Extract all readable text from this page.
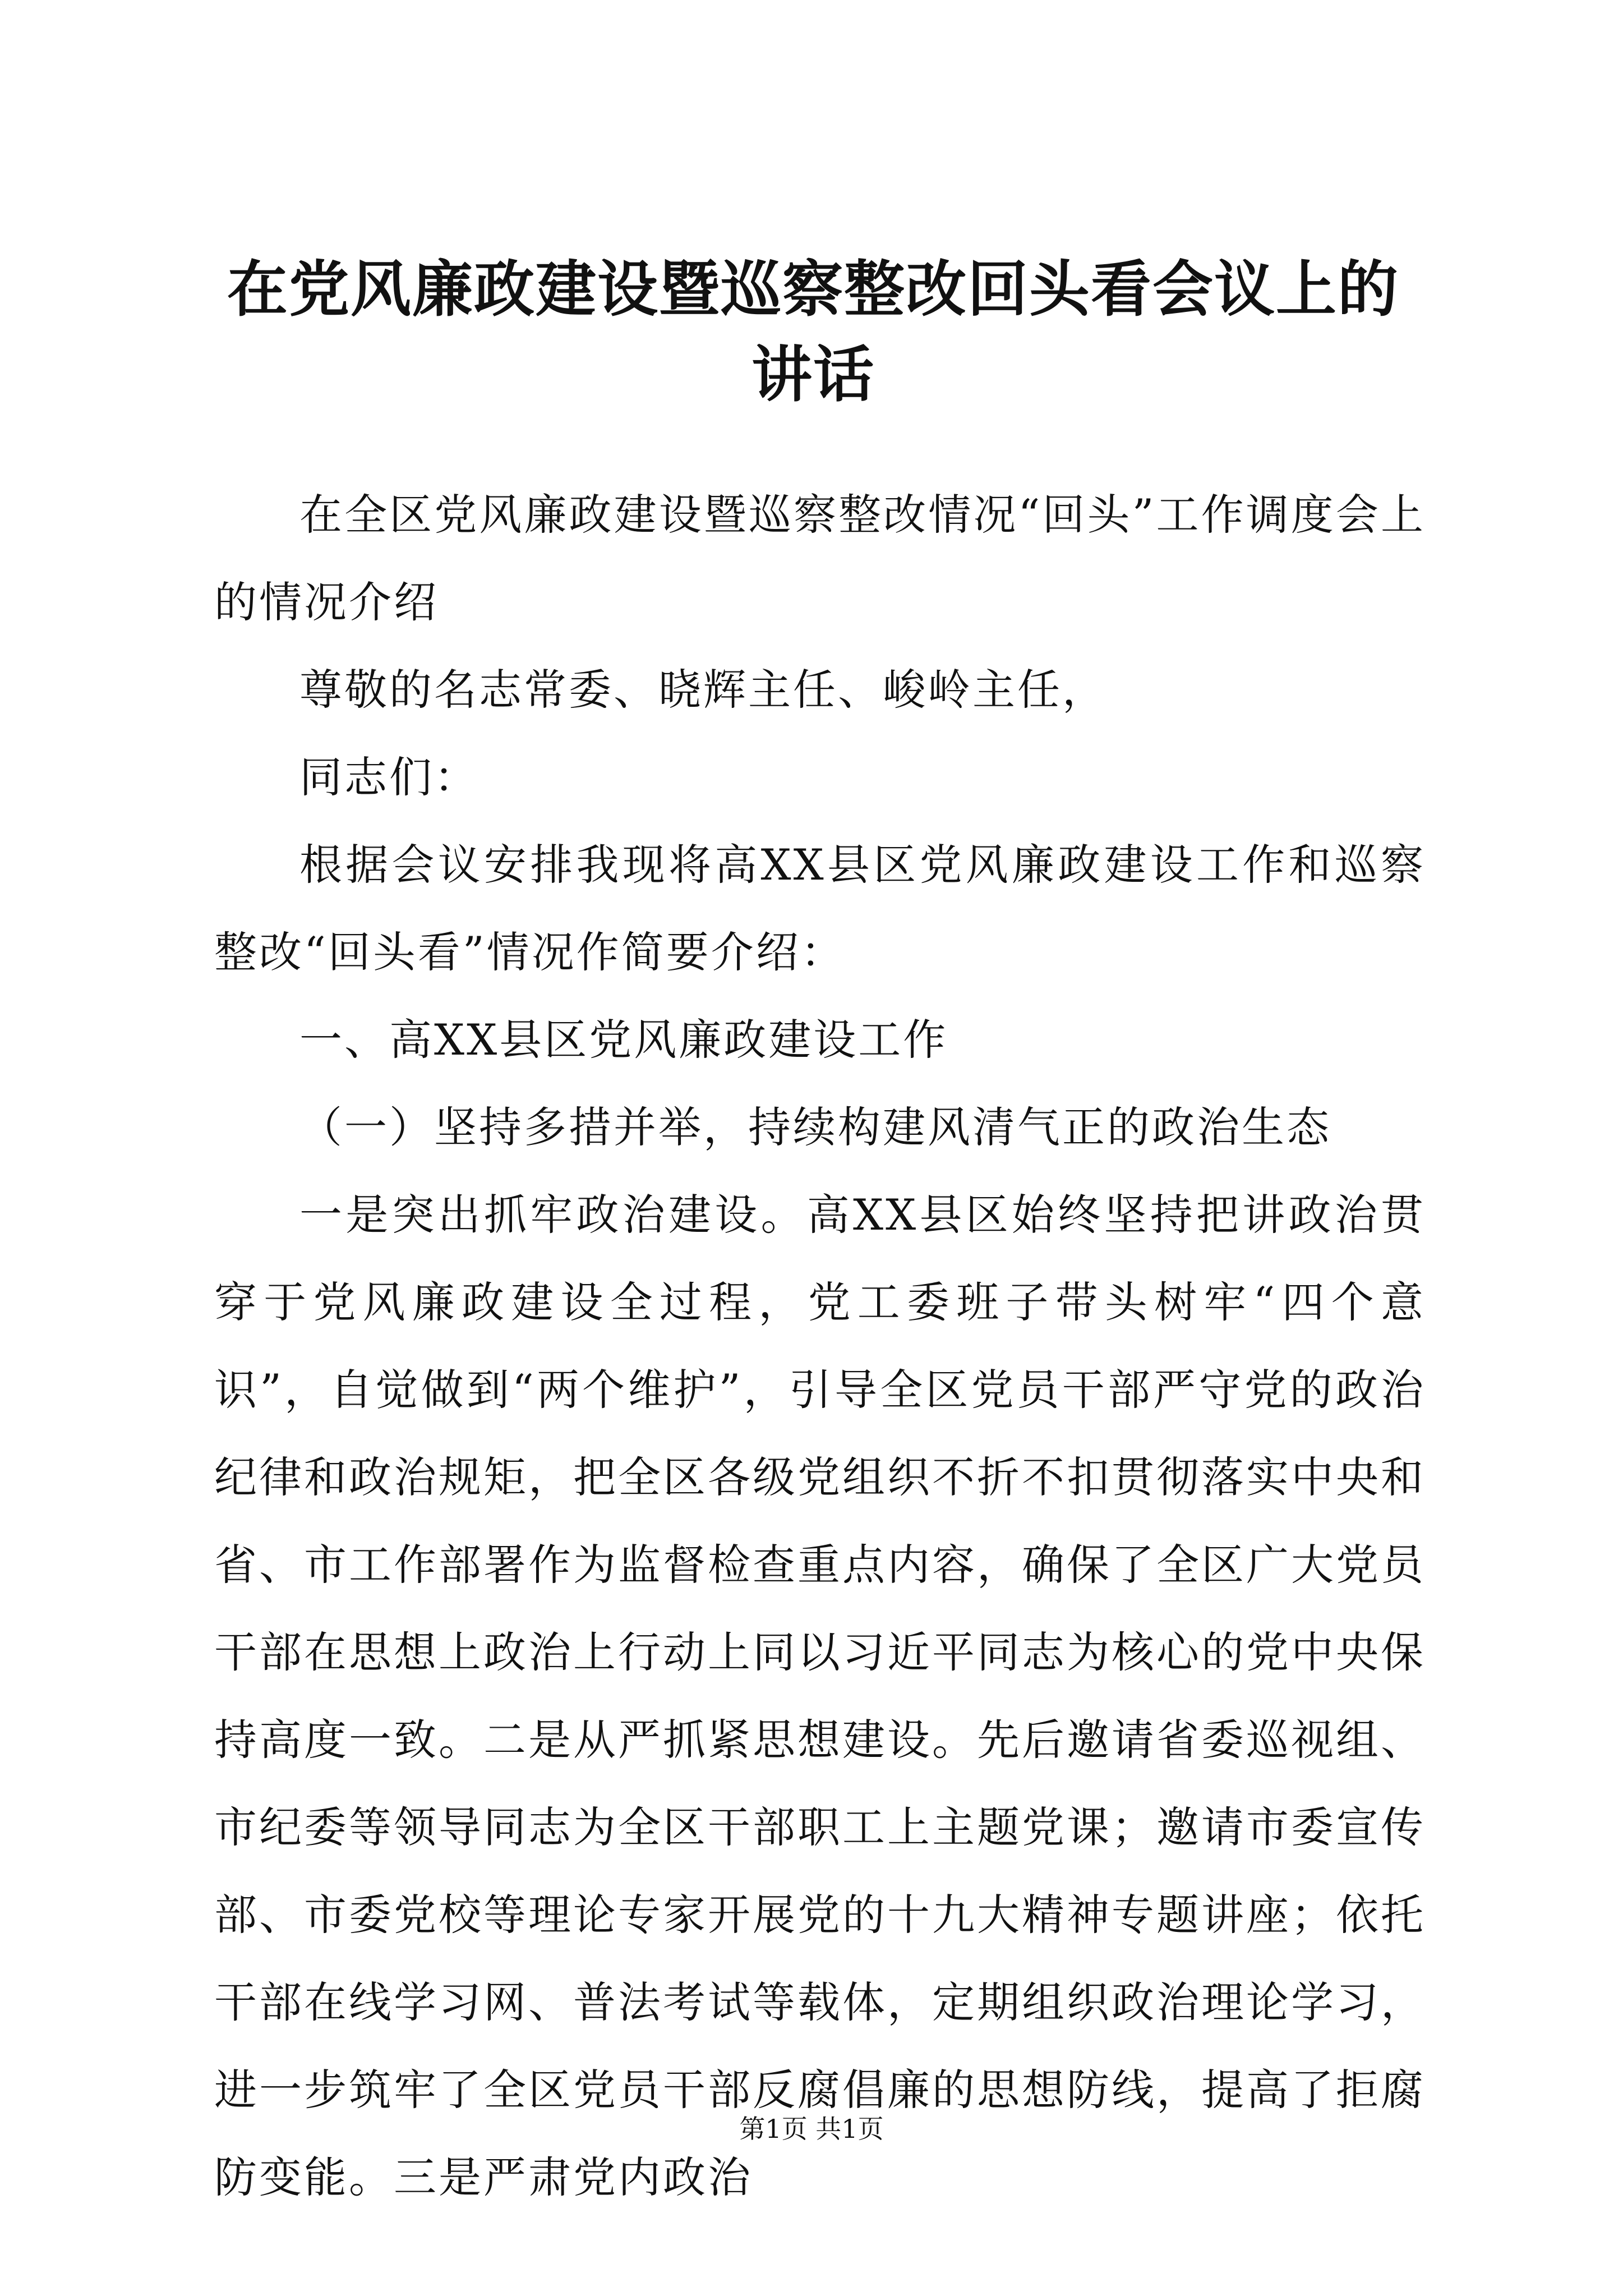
在党风廉政建设暨巡察整改回头看会议上的讲话

在全区党风廉政建设暨巡察整改情况“回头”工作调度会上的情况介绍

尊敬的名志常委、晓辉主任、峻岭主任，

同志们：

根据会议安排我现将高XX县区党风廉政建设工作和巡察整改“回头看”情况作简要介绍：

一、高XX县区党风廉政建设工作

（一）坚持多措并举，持续构建风清气正的政治生态

一是突出抓牢政治建设。高XX县区始终坚持把讲政治贯穿于党风廉政建设全过程，党工委班子带头树牢“四个意识”，自觉做到“两个维护”，引导全区党员干部严守党的政治纪律和政治规矩，把全区各级党组织不折不扣贯彻落实中央和省、市工作部署作为监督检查重点内容，确保了全区广大党员干部在思想上政治上行动上同以习近平同志为核心的党中央保持高度一致。二是从严抓紧思想建设。先后邀请省委巡视组、市纪委等领导同志为全区干部职工上主题党课；邀请市委宣传部、市委党校等理论专家开展党的十九大精神专题讲座；依托干部在线学习网、普法考试等载体，定期组织政治理论学习，进一步筑牢了全区党员干部反腐倡廉的思想防线，提高了拒腐防变能。三是严肃党内政治

第1页 共1页
